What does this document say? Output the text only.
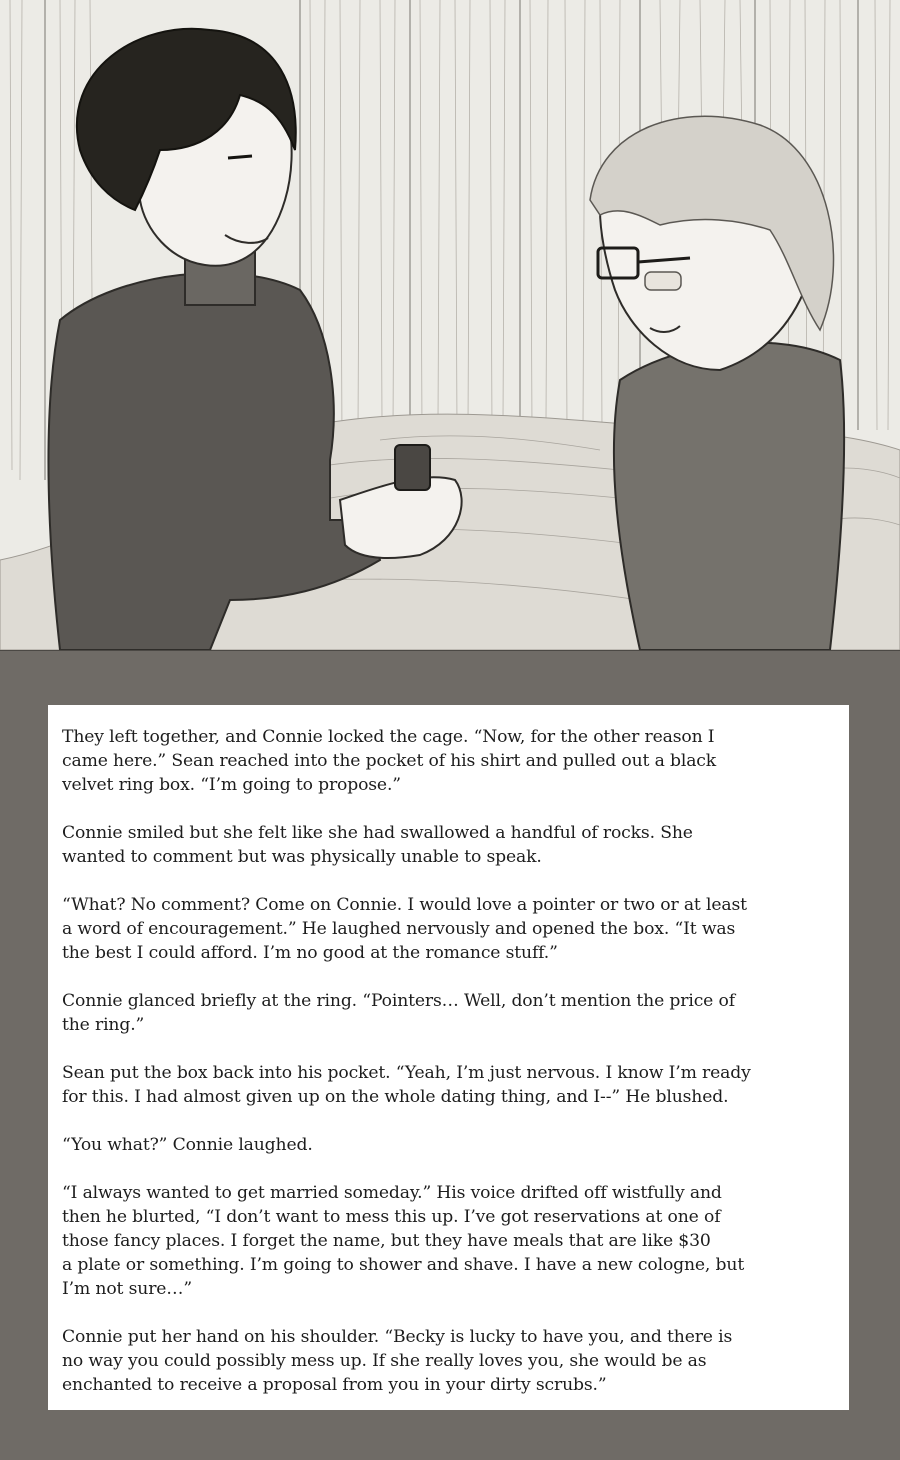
They left together, and Connie locked the cage. “Now, for the other reason I
came here.” Sean reached into the pocket of his shirt and pulled out a black
velvet ring box. “I’m going to propose.”

Connie smiled but she felt like she had swallowed a handful of rocks. She
wanted to comment but was physically unable to speak.

“What? No comment? Come on Connie. I would love a pointer or two or at least
a word of encouragement.” He laughed nervously and opened the box. “It was
the best I could afford. I’m no good at the romance stuff.”

Connie glanced briefly at the ring. “Pointers… Well, don’t mention the price of
the ring.”

Sean put the box back into his pocket. “Yeah, I’m just nervous. I know I’m ready
for this. I had almost given up on the whole dating thing, and I--” He blushed.

“You what?” Connie laughed.

“I always wanted to get married someday.” His voice drifted off wistfully and
then he blurted, “I don’t want to mess this up. I’ve got reservations at one of
those fancy places. I forget the name, but they have meals that are like $30
a plate or something. I’m going to shower and shave. I have a new cologne, but
I’m not sure…”

Connie put her hand on his shoulder. “Becky is lucky to have you, and there is
no way you could possibly mess up. If she really loves you, she would be as
enchanted to receive a proposal from you in your dirty scrubs.”
